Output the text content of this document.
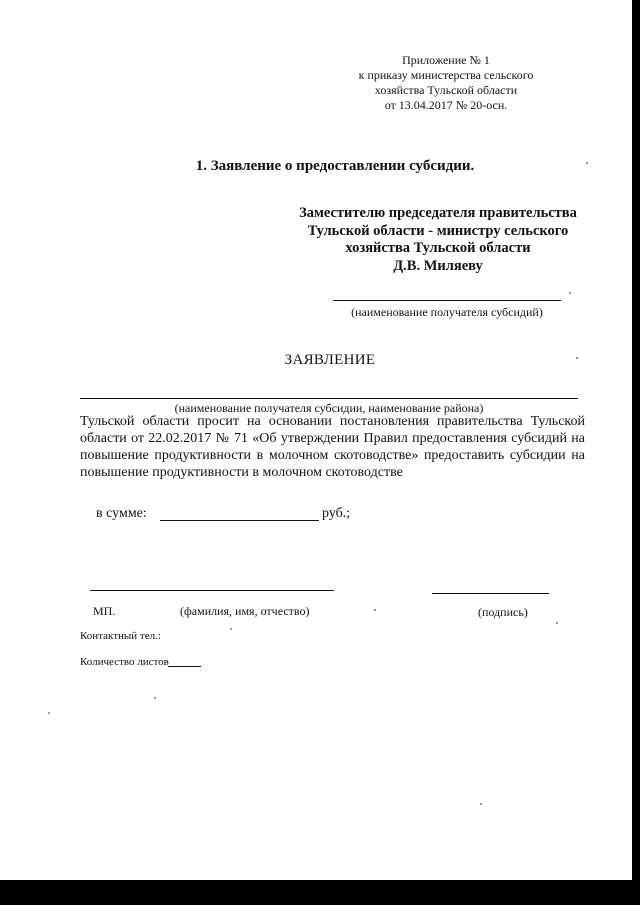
Приложение № 1
к приказу министерства сельского
хозяйства Тульской области
от 13.04.2017 № 20-осн.
1. Заявление о предоставлении субсидии.
Заместителю председателя правительства
Тульской области - министру сельского
хозяйства Тульской области
Д.В. Миляеву
(наименование получателя субсидий)
ЗАЯВЛЕНИЕ
(наименование получателя субсидии, наименование района)
Тульской области просит на основании постановления правительства Тульской области от 22.02.2017 № 71 «Об утверждении Правил предоставления субсидий на повышение продуктивности в молочном скотоводстве» предоставить субсидии на повышение продуктивности в молочном скотоводстве
в сумме:	руб.;
МП.	(фамилия, имя, отчество)	(подпись)
Контактный тел.:
Количество листов
